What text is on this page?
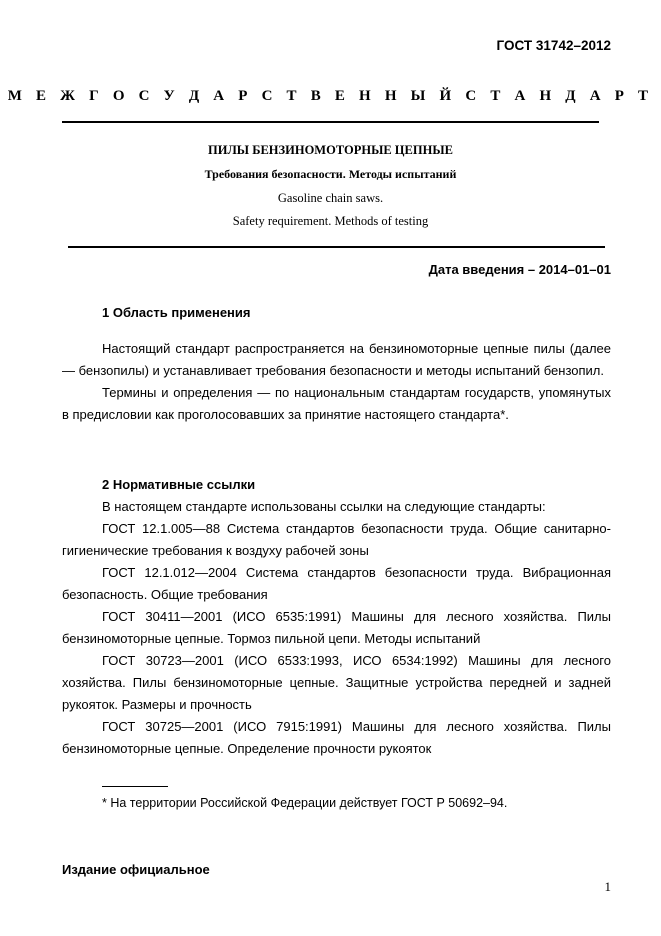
ГОСТ 31742–2012
М Е Ж Г О С У Д А Р С Т В Е Н Н Ы Й С Т А Н Д А Р Т
ПИЛЫ БЕНЗИНОМОТОРНЫЕ ЦЕПНЫЕ
Требования безопасности. Методы испытаний
Gasoline chain saws.
Safety requirement. Methods of testing
Дата введения – 2014–01–01
1 Область применения

Настоящий стандарт распространяется на бензиномоторные цепные пилы (далее — бензопилы) и устанавливает требования безопасности и методы испытаний бензопил.

Термины и определения — по национальным стандартам государств, упомянутых в предисловии как проголосовавших за принятие настоящего стандарта*.

2 Нормативные ссылки

В настоящем стандарте использованы ссылки на следующие стандарты:

ГОСТ 12.1.005—88 Система стандартов безопасности труда. Общие санитарно-гигиенические требования к воздуху рабочей зоны

ГОСТ 12.1.012—2004 Система стандартов безопасности труда. Вибрационная безопасность. Общие требования

ГОСТ 30411—2001 (ИСО 6535:1991) Машины для лесного хозяйства. Пилы бензиномоторные цепные. Тормоз пильной цепи. Методы испытаний

ГОСТ 30723—2001 (ИСО 6533:1993, ИСО 6534:1992) Машины для лесного хозяйства. Пилы бензиномоторные цепные. Защитные устройства передней и задней рукояток. Размеры и прочность

ГОСТ 30725—2001 (ИСО 7915:1991) Машины для лесного хозяйства. Пилы бензиномоторные цепные. Определение прочности рукояток

* На территории Российской Федерации действует ГОСТ Р 50692–94.
Издание официальное
1
